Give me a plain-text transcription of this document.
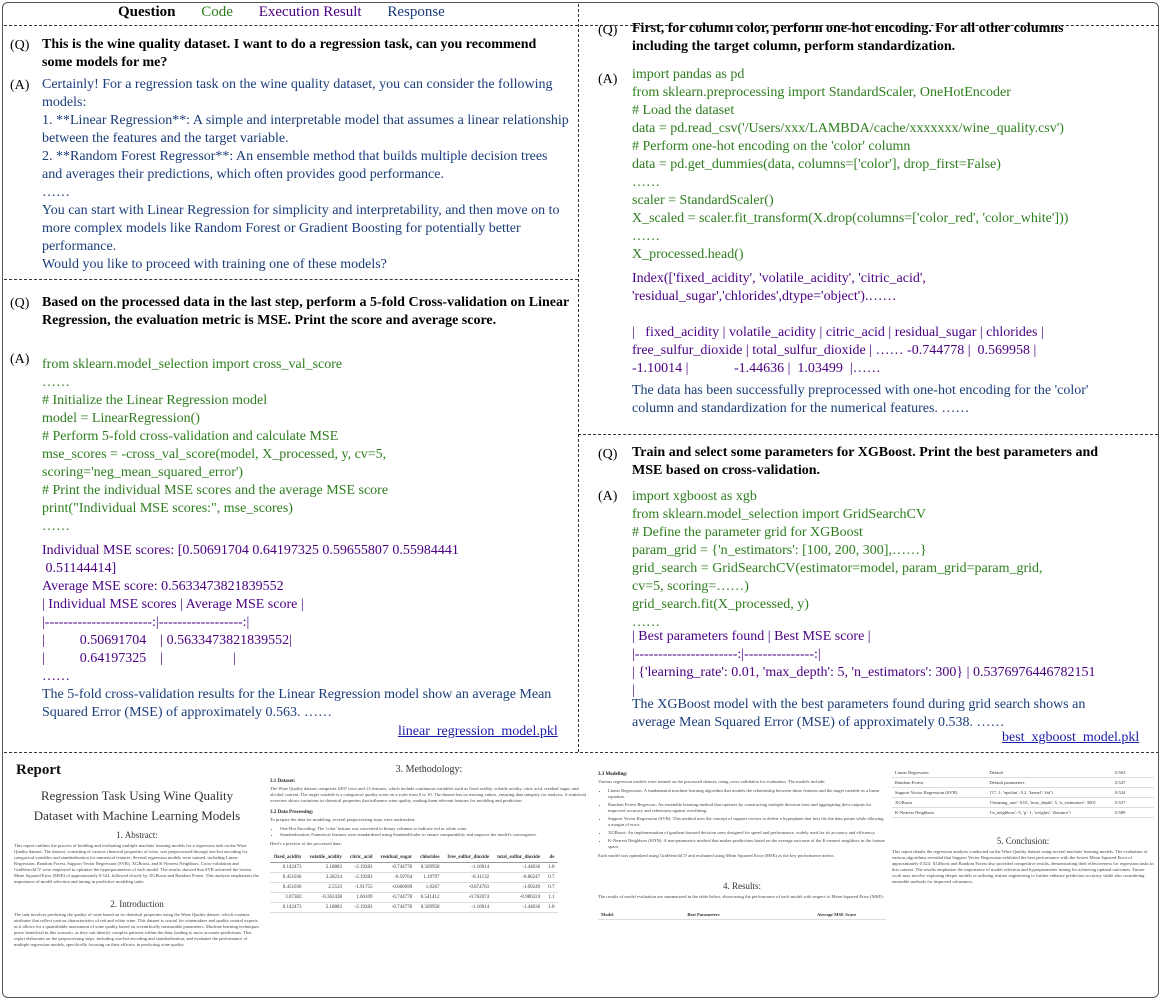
Question Code Execution Result Response
(Q) This is the wine quality dataset. I want to do a regression task, can you recommend some models for me?
(A) Certainly! For a regression task on the wine quality dataset, you can consider the following models:
1. **Linear Regression**: A simple and interpretable model that assumes a linear relationship between the features and the target variable.
2. **Random Forest Regressor**: An ensemble method that builds multiple decision trees and averages their predictions, which often provides good performance.
……
You can start with Linear Regression for simplicity and interpretability, and then move on to more complex models like Random Forest or Gradient Boosting for potentially better performance.
Would you like to proceed with training one of these models?
(Q) First, for column color, perform one-hot encoding. For all other columns including the target column, perform standardization.
(A) import pandas as pd
from sklearn.preprocessing import StandardScaler, OneHotEncoder
# Load the dataset
data = pd.read_csv('/Users/xxx/LAMBDA/cache/xxxxxxx/wine_quality.csv')
# Perform one-hot encoding on the 'color' column
data = pd.get_dummies(data, columns=['color'], drop_first=False)
……
scaler = StandardScaler()
X_scaled = scaler.fit_transform(X.drop(columns=['color_red', 'color_white']))
……
X_processed.head()
Index(['fixed_acidity', 'volatile_acidity', 'citric_acid',
'residual_sugar','chlorides',dtype='object').……

|   fixed_acidity | volatile_acidity | citric_acid | residual_sugar | chlorides |
free_sulfur_dioxide | total_sulfur_dioxide | …… -0.744778 |  0.569958 |
-1.10014 |             -1.44636 |  1.03499  |……
The data has been successfully preprocessed with one-hot encoding for the 'color' column and standardization for the numerical features. ……
(Q) Based on the processed data in the last step, perform a 5-fold Cross-validation on Linear Regression, the evaluation metric is MSE. Print the score and average score.
(A) from sklearn.model_selection import cross_val_score
……
# Initialize the Linear Regression model
model = LinearRegression()
# Perform 5-fold cross-validation and calculate MSE
mse_scores = -cross_val_score(model, X_processed, y, cv=5,
scoring='neg_mean_squared_error')
# Print the individual MSE scores and the average MSE score
print("Individual MSE scores:", mse_scores)
……
Individual MSE scores: [0.50691704 0.64197325 0.59655807 0.55984441
0.51144414]
Average MSE score: 0.5633473821839552
| Individual MSE scores | Average MSE score |
|-----------------------:|------------------:|
|          0.50691704    | 0.5633473821839552|
|          0.64197325    |                    |
……
The 5-fold cross-validation results for the Linear Regression model show an average Mean Squared Error (MSE) of approximately 0.563. ……
linear_regression_model.pkl
(Q) Train and select some parameters for XGBoost. Print the best parameters and MSE based on cross-validation.
(A) import xgboost as xgb
from sklearn.model_selection import GridSearchCV
# Define the parameter grid for XGBoost
param_grid = {'n_estimators': [100, 200, 300],……}
grid_search = GridSearchCV(estimator=model, param_grid=param_grid,
cv=5, scoring=……)
grid_search.fit(X_processed, y)
……
| Best parameters found | Best MSE score |
|----------------------:|---------------:|
| {'learning_rate': 0.01, 'max_depth': 5, 'n_estimators': 300} | 0.5376976446782151
|
The XGBoost model with the best parameters found during grid search shows an average Mean Squared Error (MSE) of approximately 0.538. ……
best_xgboost_model.pkl
Report
Regression Task Using Wine Quality Dataset with Machine Learning Models
1. Abstract:
This report outlines the process of building and evaluating multiple machine learning models for a regression task on the Wine Quality dataset. The dataset, consisting of various chemical properties of wine, was preprocessed through one-hot encoding for categorical variables and standardization for numerical features. Several regression models were trained, including Linear Regression, Random Forest, Support Vector Regression (SVR), XGBoost, and K-Nearest Neighbors. Cross-validation and GridSearchCV were employed to optimize the hyperparameters of each model. The results showed that SVR achieved the lowest Mean Squared Error (MSE) of approximately 0.524, followed closely by XGBoost and Random Forest. This analysis emphasizes the importance of model selection and tuning in predictive modeling tasks.
2. Introduction
The task involves predicting the quality of wine based on its chemical properties using the Wine Quality dataset, which contains attributes that reflect various characteristics of red and white wine. This dataset is crucial for winemakers and quality control experts as it allows for a quantifiable assessment of wine quality based on scientifically measurable parameters. Machine learning techniques prove beneficial in this scenario, as they can identify complex patterns within the data, leading to more accurate predictions. This report elaborates on the preprocessing steps, including one-hot encoding and standardization, and evaluates the performance of multiple regression models, specifically focusing on their efficacy in predicting wine quality.
3. Methodology:
3.1 Dataset:
The Wine Quality dataset comprises 6497 rows and 13 features, which include continuous variables such as fixed acidity, volatile acidity, citric acid, residual sugar, and alcohol content. The target variable is a categorical quality score on a scale from 0 to 10. The dataset has no missing values, ensuring data integrity for analysis. A statistical overview shows variations in chemical properties that influence wine quality, making them relevant features for modeling and prediction.
3.2 Data Processing:
To prepare the data for modeling, several preprocessing steps were undertaken:
• One-Hot Encoding: The 'color' feature was converted to binary columns to indicate red or white wine.
• Standardization: Numerical features were standardized using StandardScaler to ensure comparability and improve the model's convergence.
Here's a preview of the processed data:
fixed_acidity	volatile_acidity	citric_acid	residual_sugar	chlorides	free_sulfur_dioxide	total_sulfur_dioxide	de
0.142473	2.18883	-2.19283	-0.744778	0.569958	-1.10014	-1.44636	1.0
0.451036	3.28224	-2.19283	-0.59764	1.19797	-0.31132	-0.86247	0.7
0.451036	2.5533	-1.91755	-0.660699	1.0267	-0.874763	-1.09249	0.7
3.07382	-0.362438	1.66109	-0.744778	0.541412	-0.762074	-0.986324	1.1
0.142473	2.18883	-2.19283	-0.744778	0.569958	-1.10014	-1.44636	1.0
3.3 Modeling:
Various regression models were trained on the processed dataset, using cross-validation for evaluation. The models include:
• Linear Regression: A fundamental machine learning algorithm that models the relationship between those features and the target variable as a linear equation.
• Random Forest Regressor: An ensemble learning method that operates by constructing multiple decision trees and aggregating their outputs for improved accuracy and robustness against overfitting.
• Support Vector Regression (SVR): This method uses the concept of support vectors to define a hyperplane that best fits the data points while allowing a margin of error.
• XGBoost: An implementation of gradient boosted decision trees designed for speed and performance, widely used for its accuracy and efficiency.
• K-Nearest Neighbors (KNN): A non-parametric method that makes predictions based on the average outcome of the K-nearest neighbors in the feature space.
Each model was optimized using GridSearchCV and evaluated using Mean Squared Error (MSE) as the key performance metric.
4. Results:
The results of model evaluation are summarized in the table below, showcasing the performance of each model with respect to Mean Squared Error (MSE):
Model	Best Parameters	Average MSE Score
Linear Regression	Default	0.563
Random Forest	Default parameters	0.547
Support Vector Regression (SVR)	{'C': 1, 'epsilon': 0.2, 'kernel': 'rbf'}	0.524
XGBoost	{'learning_rate': 0.01, 'max_depth': 5, 'n_estimators': 300}	0.537
K-Nearest Neighbors	{'n_neighbors': 9, 'p': 1, 'weights': 'distance'}	0.589
5. Conclusion:
This report details the regression analysis conducted on the Wine Quality dataset using several machine learning models. The evaluation of various algorithms revealed that Support Vector Regression exhibited the best performance with the lowest Mean Squared Error of approximately 0.524. XGBoost and Random Forest also provided competitive results, demonstrating their effectiveness for regression tasks in this context. The results emphasize the importance of model selection and hyperparameter tuning for achieving optimal outcomes. Future work may involve exploring deeper models or utilizing feature engineering to further enhance prediction accuracy while also considering ensemble methods for improved robustness.
